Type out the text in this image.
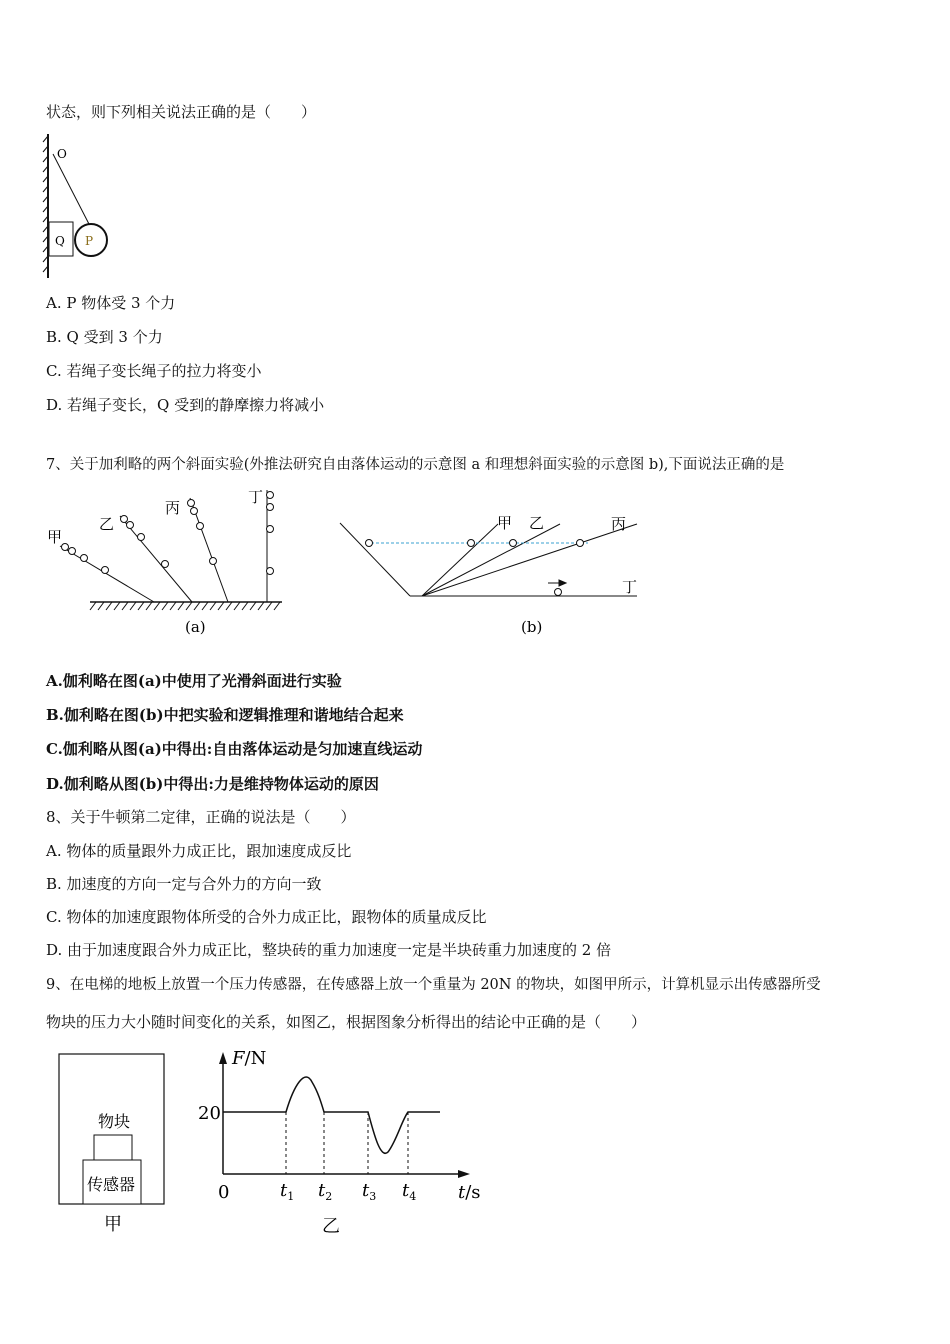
状态，则下列相关说法正确的是（　　）
O
Q P
A. P 物体受 3 个力
B. Q 受到 3 个力
C. 若绳子变长绳子的拉力将变小
D. 若绳子变长，Q 受到的静摩擦力将减小
7、关于加利略的两个斜面实验(外推法研究自由落体运动的示意图 a 和理想斜面实验的示意图 b),下面说法正确的是
甲
乙
丙
丁
(a)
甲 乙	丙
丁
(b)
A.伽利略在图(a)中使用了光滑斜面进行实验
B.伽利略在图(b)中把实验和逻辑推理和谐地结合起来
C.伽利略从图(a)中得出:自由落体运动是匀加速直线运动
D.伽利略从图(b)中得出:力是维持物体运动的原因
8、关于牛顿第二定律，正确的说法是（　　）
A. 物体的质量跟外力成正比，跟加速度成反比
B. 加速度的方向一定与合外力的方向一致
C. 物体的加速度跟物体所受的合外力成正比，跟物体的质量成反比
D. 由于加速度跟合外力成正比，整块砖的重力加速度一定是半块砖重力加速度的 2 倍
9、在电梯的地板上放置一个压力传感器，在传感器上放一个重量为 20N 的物块，如图甲所示，计算机显示出传感器所受
物块的压力大小随时间变化的关系，如图乙，根据图象分析得出的结论中正确的是（　　）
物块
传感器
甲
F/N
20
0	$t_1$ $t_2$ $t_3$ $t_4$ t/s
乙
